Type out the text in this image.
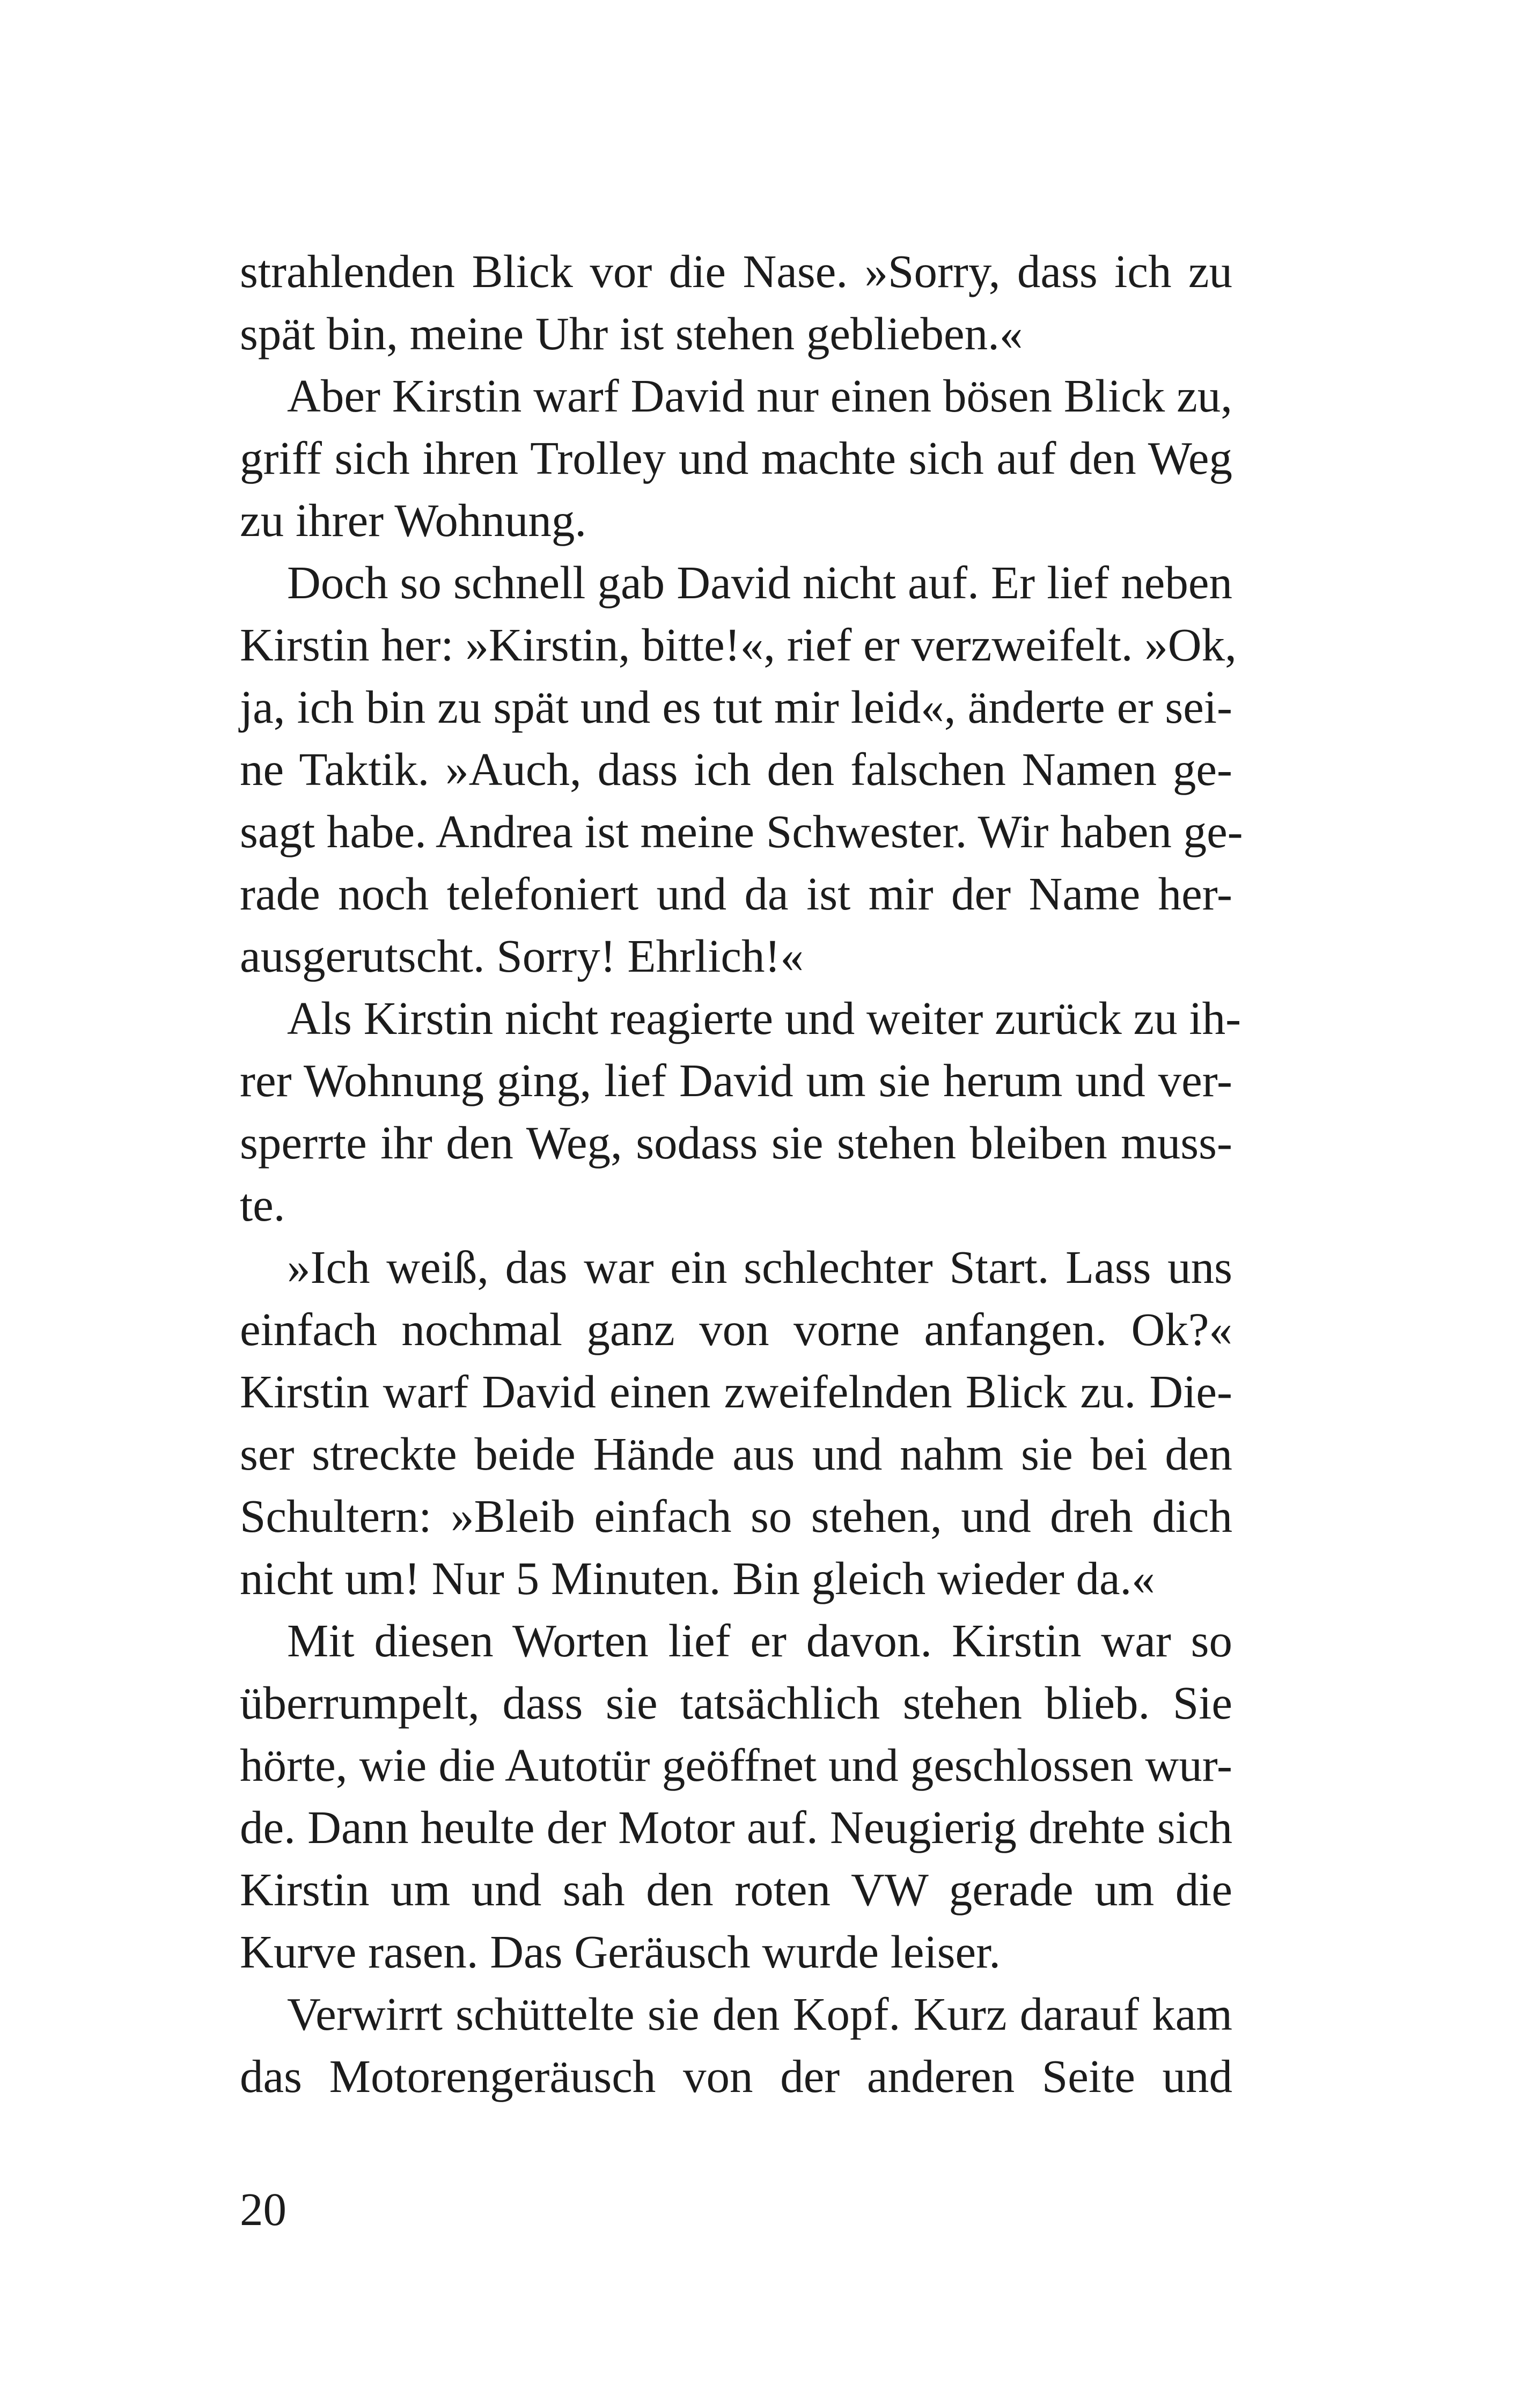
strahlenden Blick vor die Nase. »Sorry, dass ich zu
spät bin, meine Uhr ist stehen geblieben.«
Aber Kirstin warf David nur einen bösen Blick zu,
griff sich ihren Trolley und machte sich auf den Weg
zu ihrer Wohnung.
Doch so schnell gab David nicht auf. Er lief neben
Kirstin her: »Kirstin, bitte!«, rief er verzweifelt. »Ok,
ja, ich bin zu spät und es tut mir leid«, änderte er sei-
ne Taktik. »Auch, dass ich den falschen Namen ge-
sagt habe. Andrea ist meine Schwester. Wir haben ge-
rade noch telefoniert und da ist mir der Name her-
ausgerutscht. Sorry! Ehrlich!«
Als Kirstin nicht reagierte und weiter zurück zu ih-
rer Wohnung ging, lief David um sie herum und ver-
sperrte ihr den Weg, sodass sie stehen bleiben muss-
te.
»Ich weiß, das war ein schlechter Start. Lass uns
einfach nochmal ganz von vorne anfangen. Ok?«
Kirstin warf David einen zweifelnden Blick zu. Die-
ser streckte beide Hände aus und nahm sie bei den
Schultern: »Bleib einfach so stehen, und dreh dich
nicht um! Nur 5 Minuten. Bin gleich wieder da.«
Mit diesen Worten lief er davon. Kirstin war so
überrumpelt, dass sie tatsächlich stehen blieb. Sie
hörte, wie die Autotür geöffnet und geschlossen wur-
de. Dann heulte der Motor auf. Neugierig drehte sich
Kirstin um und sah den roten VW gerade um die
Kurve rasen. Das Geräusch wurde leiser.
Verwirrt schüttelte sie den Kopf. Kurz darauf kam
das Motorengeräusch von der anderen Seite und
20
